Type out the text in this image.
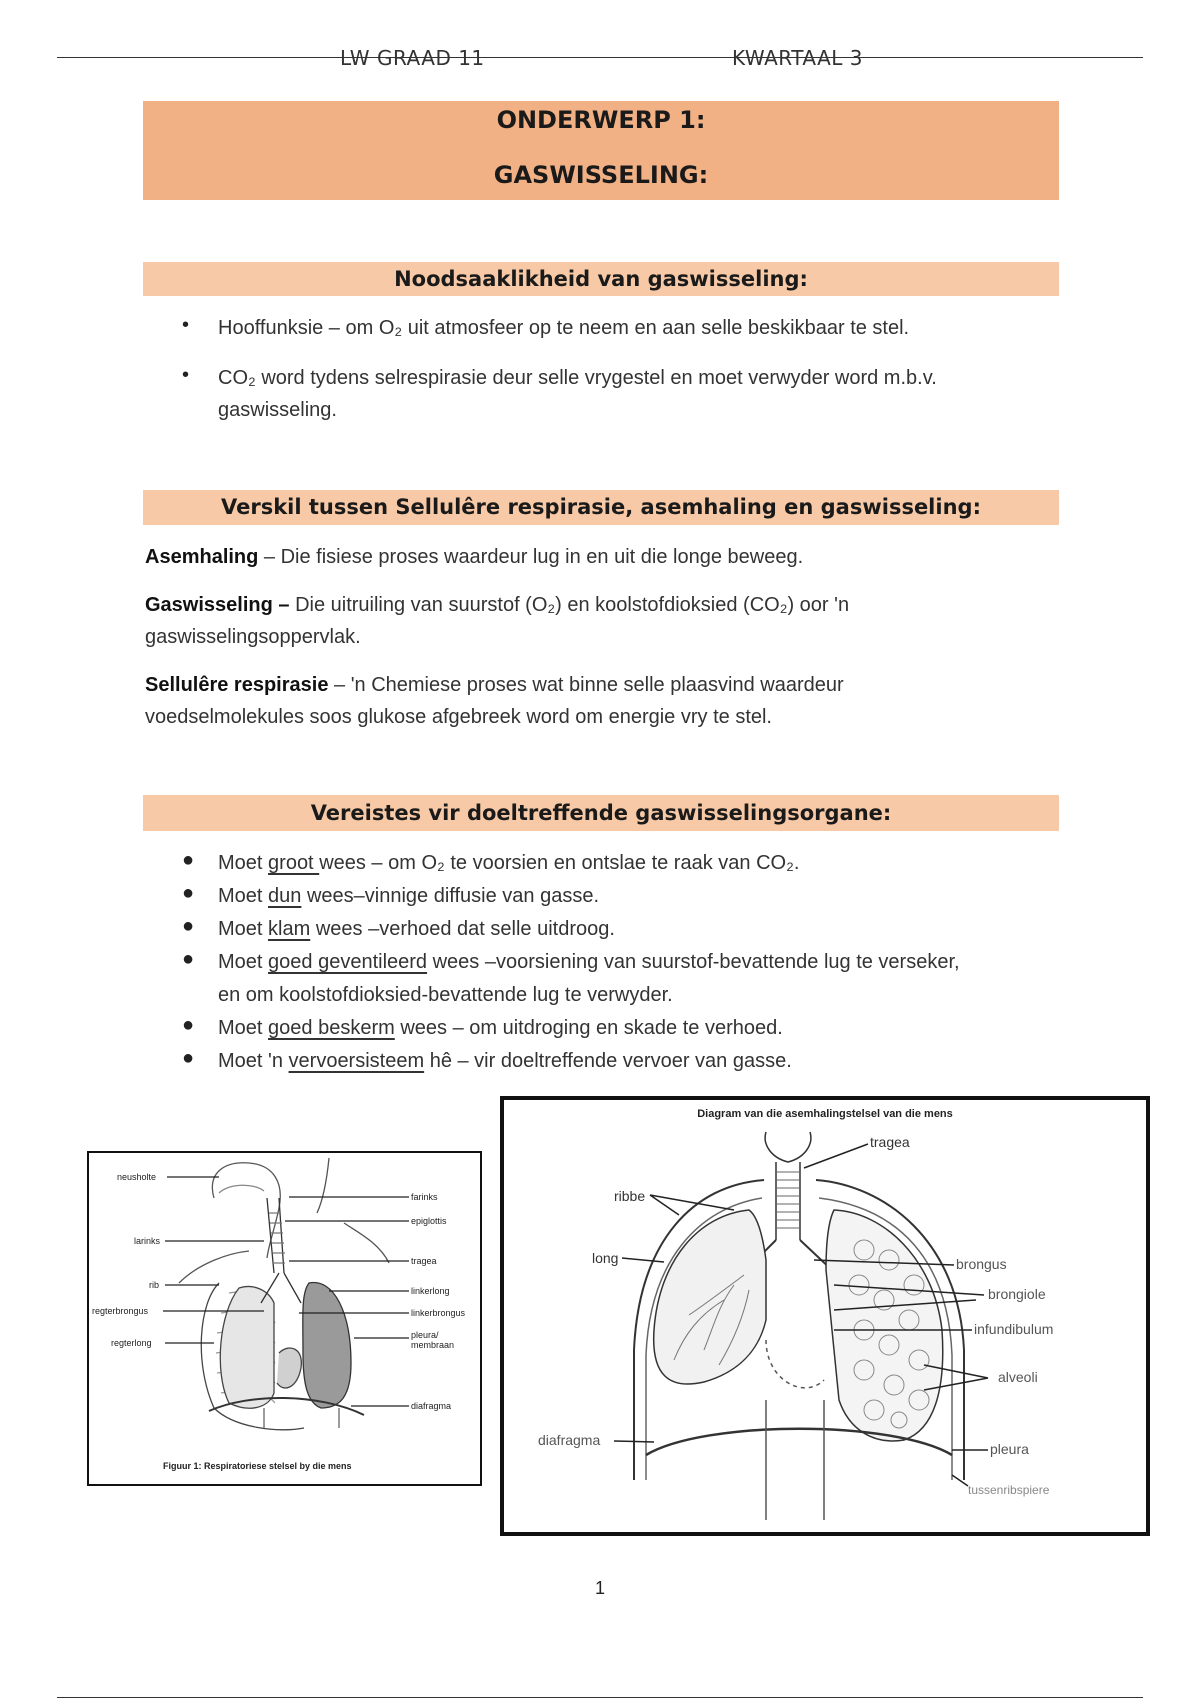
LW GRAAD 11	KWARTAAL 3
ONDERWERP 1:
GASWISSELING:
Noodsaaklikheid van gaswisseling:
• Hooffunksie – om O₂ uit atmosfeer op te neem en aan selle beskikbaar te stel.
• CO₂ word tydens selrespirasie deur selle vrygestel en moet verwyder word m.b.v.
gaswisseling.
Verskil tussen Sellulêre respirasie, asemhaling en gaswisseling:
Asemhaling – Die fisiese proses waardeur lug in en uit die longe beweeg.
Gaswisseling – Die uitruiling van suurstof (O₂) en koolstofdioksied (CO₂) oor 'n
gaswisselingsoppervlak.
Sellulêre respirasie – 'n Chemiese proses wat binne selle plaasvind waardeur
voedselmolekules soos glukose afgebreek word om energie vry te stel.
Vereistes vir doeltreffende gaswisselingsorgane:
● Moet groot wees – om O₂ te voorsien en ontslae te raak van CO₂.
● Moet dun wees–vinnige diffusie van gasse.
● Moet klam wees –verhoed dat selle uitdroog.
● Moet goed geventileerd wees –voorsiening van suurstof-bevattende lug te verseker,
en om koolstofdioksied-bevattende lug te verwyder.
● Moet goed beskerm wees – om uitdroging en skade te verhoed.
● Moet 'n vervoersisteem hê – vir doeltreffende vervoer van gasse.
neusholte
larinks
rib
regterbrongus
regterlong
farinks
epiglottis
tragea
linkerlong
linkerbrongus
pleura/
membraan
diafragma
Figuur 1: Respiratoriese stelsel by die mens
Diagram van die asemhalingstelsel van die mens
tragea
ribbe
long	brongus
brongiole
infundibulum
alveoli
diafragma
pleura
tussenribspiere
1
